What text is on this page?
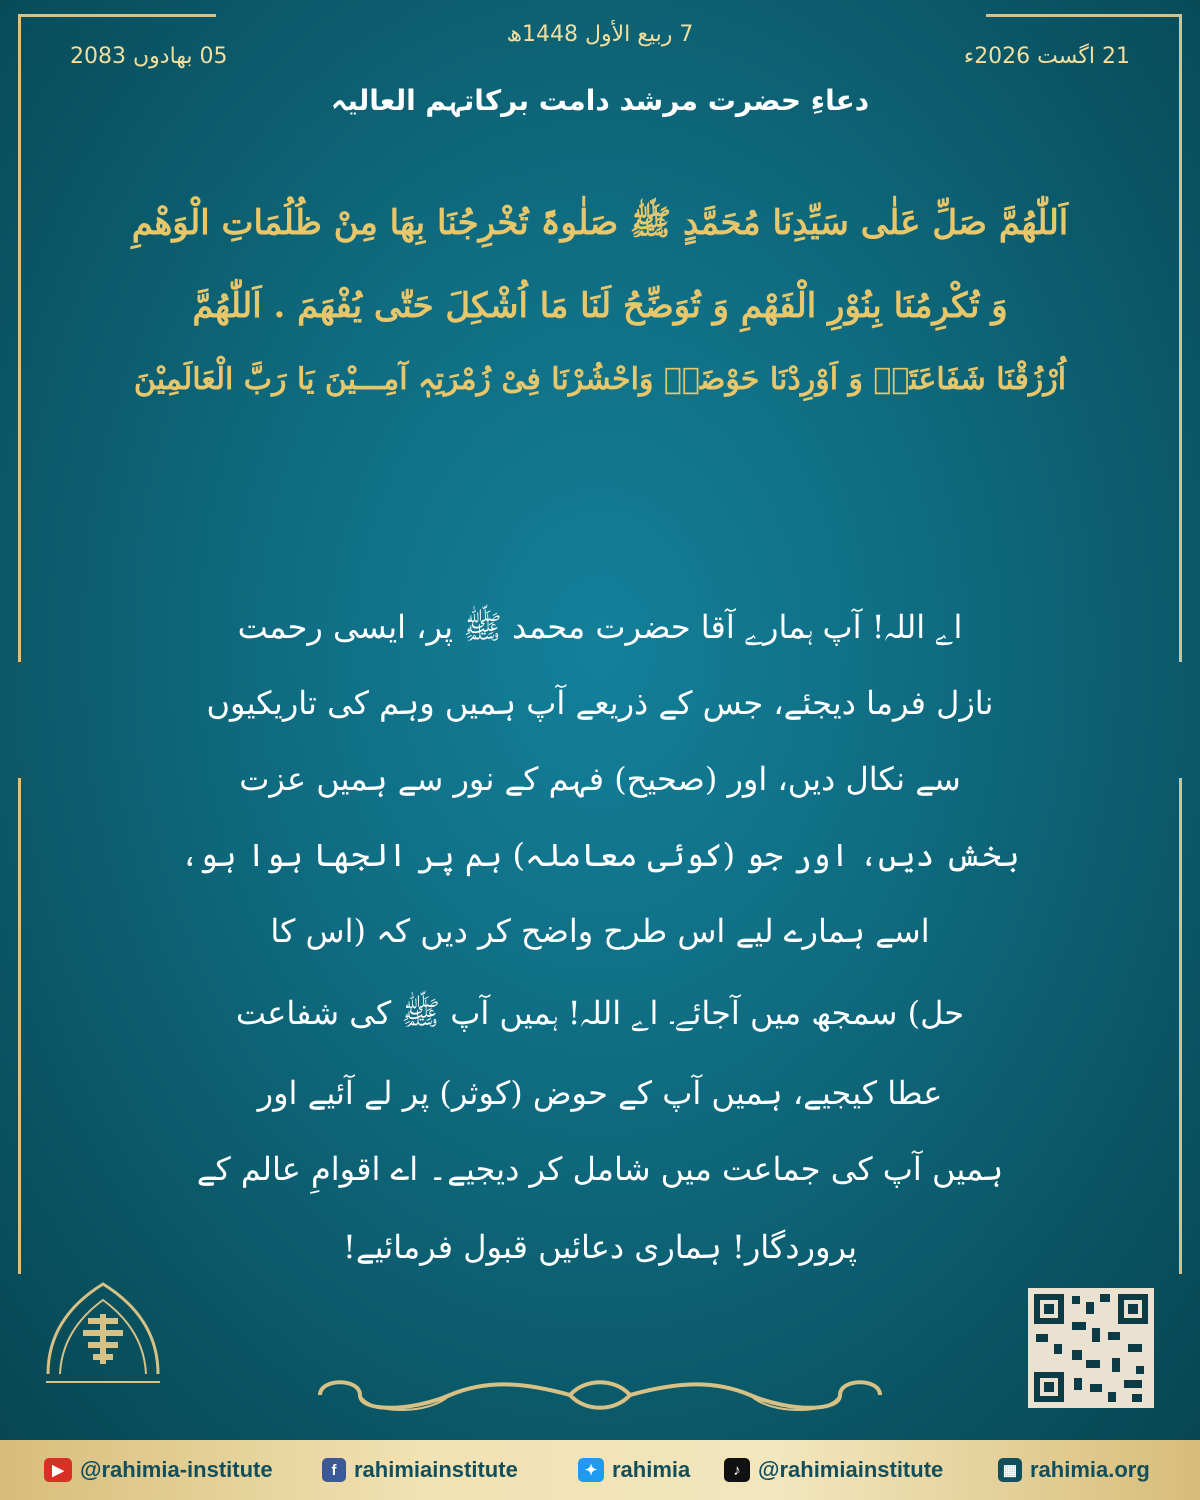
7 ربیع الأول 1448ھ
21 اگست 2026ء
05 بھادوں 2083
دعاءِ حضرت مرشد دامت برکاتہم العالیہ
اَللّٰھُمَّ صَلِّ عَلٰی سَیِّدِنَا مُحَمَّدٍ ﷺ صَلٰوۃً تُخْرِجُنَا بِھَا مِنْ ظُلُمَاتِ الْوَھْمِ
وَ تُکْرِمُنَا بِنُوْرِ الْفَھْمِ وَ تُوَضِّحُ لَنَا مَا اُشْکِلَ حَتّٰی یُفْھَمَ . اَللّٰھُمَّ
اُرْزُقْنَا شَفَاعَتَہٗ وَ اَوْرِدْنَا حَوْضَہٗ وَاحْشُرْنَا فِیْ زُمْرَتِہٖ آمِـــیْنَ یَا رَبَّ الْعَالَمِیْنَ
اے اللہ! آپ ہمارے آقا حضرت محمد ﷺ پر، ایسی رحمت
نازل فرما دیجئے، جس کے ذریعے آپ ہمیں وہم کی تاریکیوں
سے نکال دیں، اور (صحیح) فہم کے نور سے ہمیں عزت
بخش دیں، اور جو (کوئی معاملہ) ہم پر الجھا ہوا ہو،
اسے ہمارے لیے اس طرح واضح کر دیں کہ (اس کا
حل) سمجھ میں آجائے۔ اے اللہ! ہمیں آپ ﷺ کی شفاعت
عطا کیجیے، ہمیں آپ کے حوض (کوثر) پر لے آئیے اور
ہمیں آپ کی جماعت میں شامل کر دیجیے۔ اے اقوامِ عالم کے
پروردگار! ہماری دعائیں قبول فرمائیے!
▶ @rahimia-institute	f rahimiainstitute	✦ rahimia	♪ @rahimiainstitute	▦ rahimia.org
